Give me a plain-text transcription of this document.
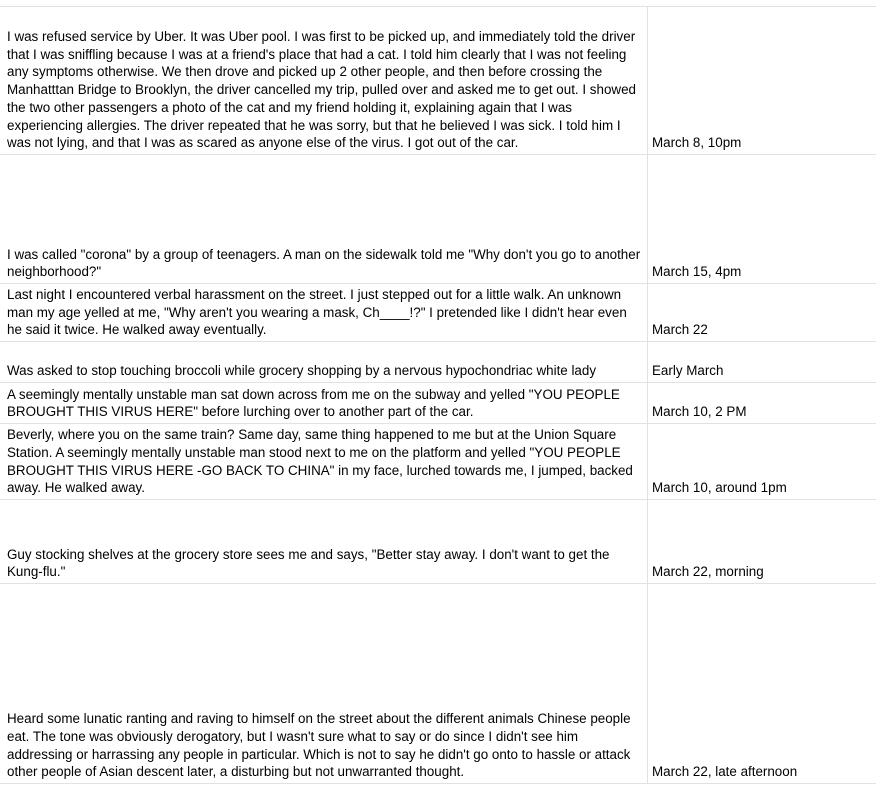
I was refused service by Uber. It was Uber pool. I was first to be picked up, and immediately told the driver that I was sniffling because I was at a friend's place that had a cat. I told him clearly that I was not feeling any symptoms otherwise. We then drove and picked up 2 other people, and then before crossing the Manhatttan Bridge to Brooklyn, the driver cancelled my trip, pulled over and asked me to get out. I showed the two other passengers a photo of the cat and my friend holding it, explaining again that I was experiencing allergies. The driver repeated that he was sorry, but that he believed I was sick. I told him I was not lying, and that I was as scared as anyone else of the virus. I got out of the car.	March 8, 10pm
I was called "corona" by a group of teenagers. A man on the sidewalk told me "Why don't you go to another neighborhood?"	March 15, 4pm
Last night I encountered verbal harassment on the street. I just stepped out for a little walk. An unknown man my age yelled at me, "Why aren't you wearing a mask, Ch____!?" I pretended like I didn't hear even he said it twice. He walked away eventually.	March 22
Was asked to stop touching broccoli while grocery shopping by a nervous hypochondriac white lady	Early March
A seemingly mentally unstable man sat down across from me on the subway and yelled "YOU PEOPLE BROUGHT THIS VIRUS HERE" before lurching over to another part of the car.	March 10, 2 PM
Beverly, where you on the same train? Same day, same thing happened to me but at the Union Square Station. A seemingly mentally unstable man stood next to me on the platform and yelled "YOU PEOPLE BROUGHT THIS VIRUS HERE -GO BACK TO CHINA" in my face, lurched towards me, I jumped, backed away. He walked away.	March 10, around 1pm
Guy stocking shelves at the grocery store sees me and says, "Better stay away. I don't want to get the Kung-flu."	March 22, morning
Heard some lunatic ranting and raving to himself on the street about the different animals Chinese people eat. The tone was obviously derogatory, but I wasn't sure what to say or do since I didn't see him addressing or harrassing any people in particular. Which is not to say he didn't go onto to hassle or attack other people of Asian descent later, a disturbing but not unwarranted thought.	March 22, late afternoon
